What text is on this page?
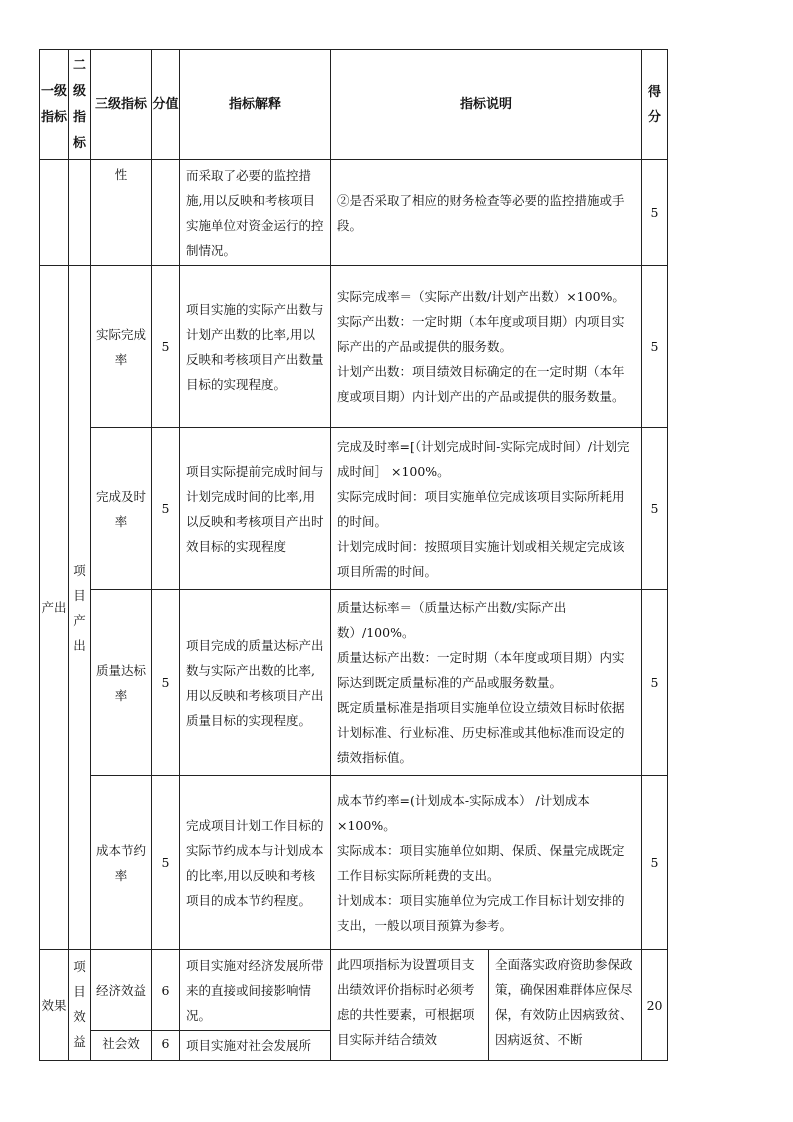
一级指标	二级指标	三级指标	分值	指标解释	指标说明		得分
		性		而采取了必要的监控措施,用以反映和考核项目实施单位对资金运行的控制情况。	②是否采取了相应的财务检查等必要的监控措施或手段。		5
产出	项目产出	实际完成率	5	项目实施的实际产出数与计划产出数的比率,用以反映和考核项目产出数量目标的实现程度。	实际完成率＝（实际产出数/计划产出数）×100%。
实际产出数：一定时期（本年度或项目期）内项目实际产出的产品或提供的服务数。
计划产出数：项目绩效目标确定的在一定时期（本年度或项目期）内计划产出的产品或提供的服务数量。		5
		完成及时率	5	项目实际提前完成时间与计划完成时间的比率,用以反映和考核项目产出时效目标的实现程度	完成及时率=[（计划完成时间-实际完成时间）/计划完成时间］ ×100%。
实际完成时间：项目实施单位完成该项目实际所耗用的时间。
计划完成时间：按照项目实施计划或相关规定完成该项目所需的时间。		5
		质量达标率	5	项目完成的质量达标产出数与实际产出数的比率,用以反映和考核项目产出质量目标的实现程度。	质量达标率＝（质量达标产出数/实际产出数）/100%。
质量达标产出数：一定时期（本年度或项目期）内实际达到既定质量标准的产品或服务数量。
既定质量标准是指项目实施单位设立绩效目标时依据计划标准、行业标准、历史标准或其他标准而设定的绩效指标值。		5
		成本节约率	5	完成项目计划工作目标的实际节约成本与计划成本的比率,用以反映和考核项目的成本节约程度。	成本节约率=(计划成本-实际成本） /计划成本×100%。
实际成本：项目实施单位如期、保质、保量完成既定工作目标实际所耗费的支出。
计划成本：项目实施单位为完成工作目标计划安排的支出，一般以项目预算为参考。		5
效果	项目效益	经济效益	6	项目实施对经济发展所带来的直接或间接影响情况。	此四项指标为设置项目支出绩效评价指标时必须考虑的共性要素，可根据项目实际并结合绩效	全面落实政府资助参保政策，确保困难群体应保尽保，有效防止因病致贫、因病返贫、不断	20
		社会效	6	项目实施对社会发展所			
